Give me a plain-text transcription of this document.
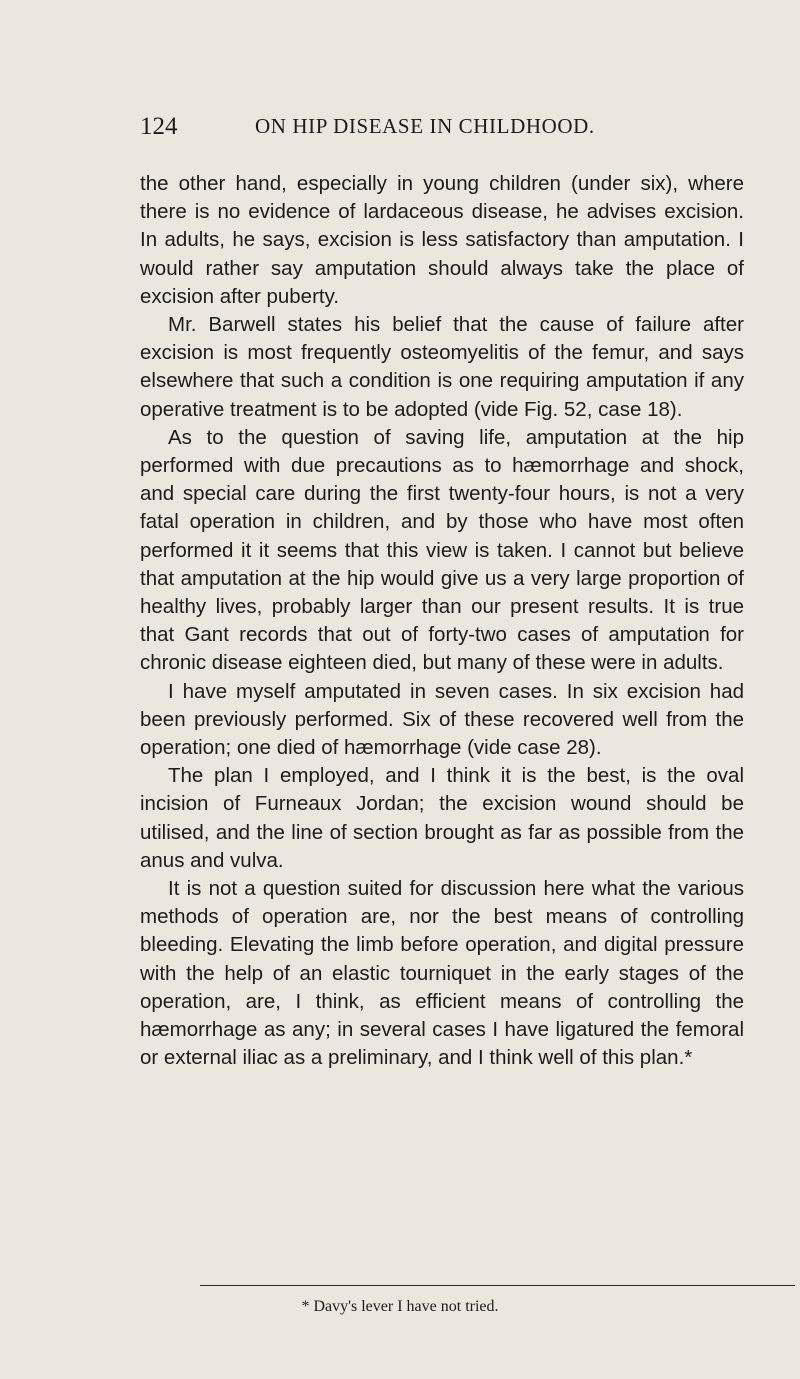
124	ON HIP DISEASE IN CHILDHOOD.

the other hand, especially in young children (under six), where there is no evidence of lardaceous disease, he advises excision. In adults, he says, excision is less satisfactory than amputation. I would rather say amputation should always take the place of excision after puberty.

Mr. Barwell states his belief that the cause of failure after excision is most frequently osteomyelitis of the femur, and says elsewhere that such a condition is one requiring amputation if any operative treatment is to be adopted (vide Fig. 52, case 18).

As to the question of saving life, amputation at the hip performed with due precautions as to hæmorrhage and shock, and special care during the first twenty-four hours, is not a very fatal operation in children, and by those who have most often performed it it seems that this view is taken. I cannot but believe that amputation at the hip would give us a very large proportion of healthy lives, probably larger than our present results. It is true that Gant records that out of forty-two cases of amputation for chronic disease eighteen died, but many of these were in adults.

I have myself amputated in seven cases. In six excision had been previously performed. Six of these recovered well from the operation; one died of hæmorrhage (vide case 28).

The plan I employed, and I think it is the best, is the oval incision of Furneaux Jordan; the excision wound should be utilised, and the line of section brought as far as possible from the anus and vulva.

It is not a question suited for discussion here what the various methods of operation are, nor the best means of controlling bleeding. Elevating the limb before operation, and digital pressure with the help of an elastic tourniquet in the early stages of the operation, are, I think, as efficient means of controlling the hæmorrhage as any; in several cases I have ligatured the femoral or external iliac as a preliminary, and I think well of this plan.*

* Davy's lever I have not tried.
